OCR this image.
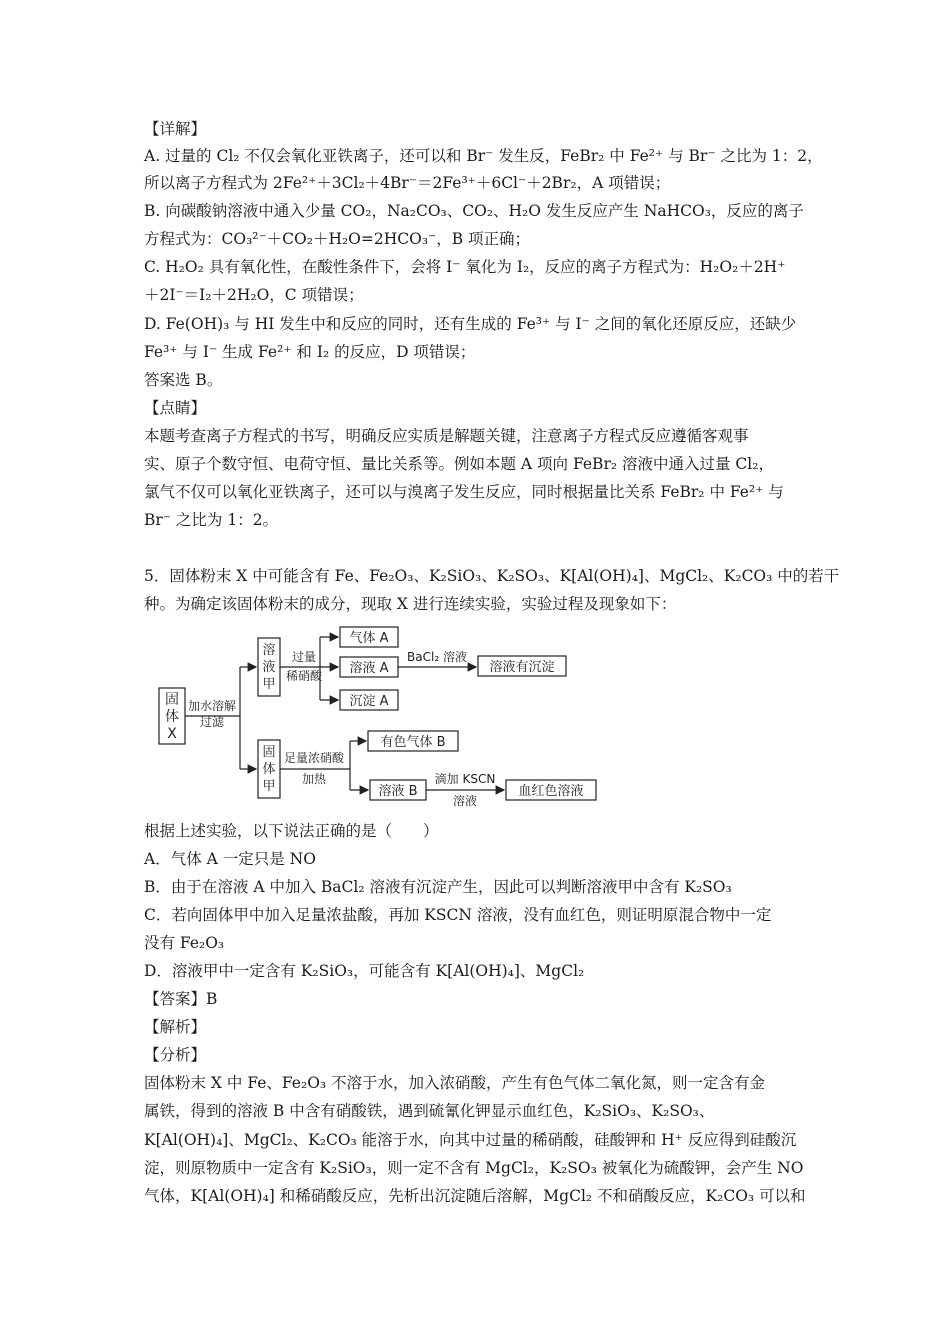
【详解】
A. 过量的 Cl₂ 不仅会氧化亚铁离子，还可以和 Br⁻ 发生反，FeBr₂ 中 Fe²⁺ 与 Br⁻ 之比为 1：2，
所以离子方程式为 2Fe²⁺＋3Cl₂＋4Br⁻＝2Fe³⁺＋6Cl⁻＋2Br₂，A 项错误；
B. 向碳酸钠溶液中通入少量 CO₂，Na₂CO₃、CO₂、H₂O 发生反应产生 NaHCO₃，反应的离子
方程式为：CO₃²⁻＋CO₂＋H₂O=2HCO₃⁻，B 项正确；
C. H₂O₂ 具有氧化性，在酸性条件下，会将 I⁻ 氧化为 I₂，反应的离子方程式为：H₂O₂＋2H⁺
＋2I⁻＝I₂＋2H₂O，C 项错误；
D. Fe(OH)₃ 与 HI 发生中和反应的同时，还有生成的 Fe³⁺ 与 I⁻ 之间的氧化还原反应，还缺少
Fe³⁺ 与 I⁻ 生成 Fe²⁺ 和 I₂ 的反应，D 项错误；
答案选 B。
【点睛】
本题考查离子方程式的书写，明确反应实质是解题关键，注意离子方程式反应遵循客观事
实、原子个数守恒、电荷守恒、量比关系等。例如本题 A 项向 FeBr₂ 溶液中通入过量 Cl₂，
氯气不仅可以氧化亚铁离子，还可以与溴离子发生反应，同时根据量比关系 FeBr₂ 中 Fe²⁺ 与
Br⁻ 之比为 1：2。
5．固体粉末 X 中可能含有 Fe、Fe₂O₃、K₂SiO₃、K₂SO₃、K[Al(OH)₄]、MgCl₂、K₂CO₃ 中的若干
种。为确定该固体粉末的成分，现取 X 进行连续实验，实验过程及现象如下：
固
体
X
加水溶解
过滤
溶
液
甲
固
体
甲
过量
稀硝酸
气体 A
溶液 A
沉淀 A
BaCl₂ 溶液
溶液有沉淀
足量浓硝酸
加热
有色气体 B
溶液 B
滴加 KSCN
溶液
血红色溶液
根据上述实验，以下说法正确的是（　　）
A．气体 A 一定只是 NO
B．由于在溶液 A 中加入 BaCl₂ 溶液有沉淀产生，因此可以判断溶液甲中含有 K₂SO₃
C．若向固体甲中加入足量浓盐酸，再加 KSCN 溶液，没有血红色，则证明原混合物中一定
没有 Fe₂O₃
D．溶液甲中一定含有 K₂SiO₃，可能含有 K[Al(OH)₄]、MgCl₂
【答案】B
【解析】
【分析】
固体粉末 X 中 Fe、Fe₂O₃ 不溶于水，加入浓硝酸，产生有色气体二氧化氮，则一定含有金
属铁，得到的溶液 B 中含有硝酸铁，遇到硫氰化钾显示血红色，K₂SiO₃、K₂SO₃、
K[Al(OH)₄]、MgCl₂、K₂CO₃ 能溶于水，向其中过量的稀硝酸，硅酸钾和 H⁺ 反应得到硅酸沉
淀，则原物质中一定含有 K₂SiO₃，则一定不含有 MgCl₂，K₂SO₃ 被氧化为硫酸钾，会产生 NO
气体，K[Al(OH)₄] 和稀硝酸反应，先析出沉淀随后溶解，MgCl₂ 不和硝酸反应，K₂CO₃ 可以和
